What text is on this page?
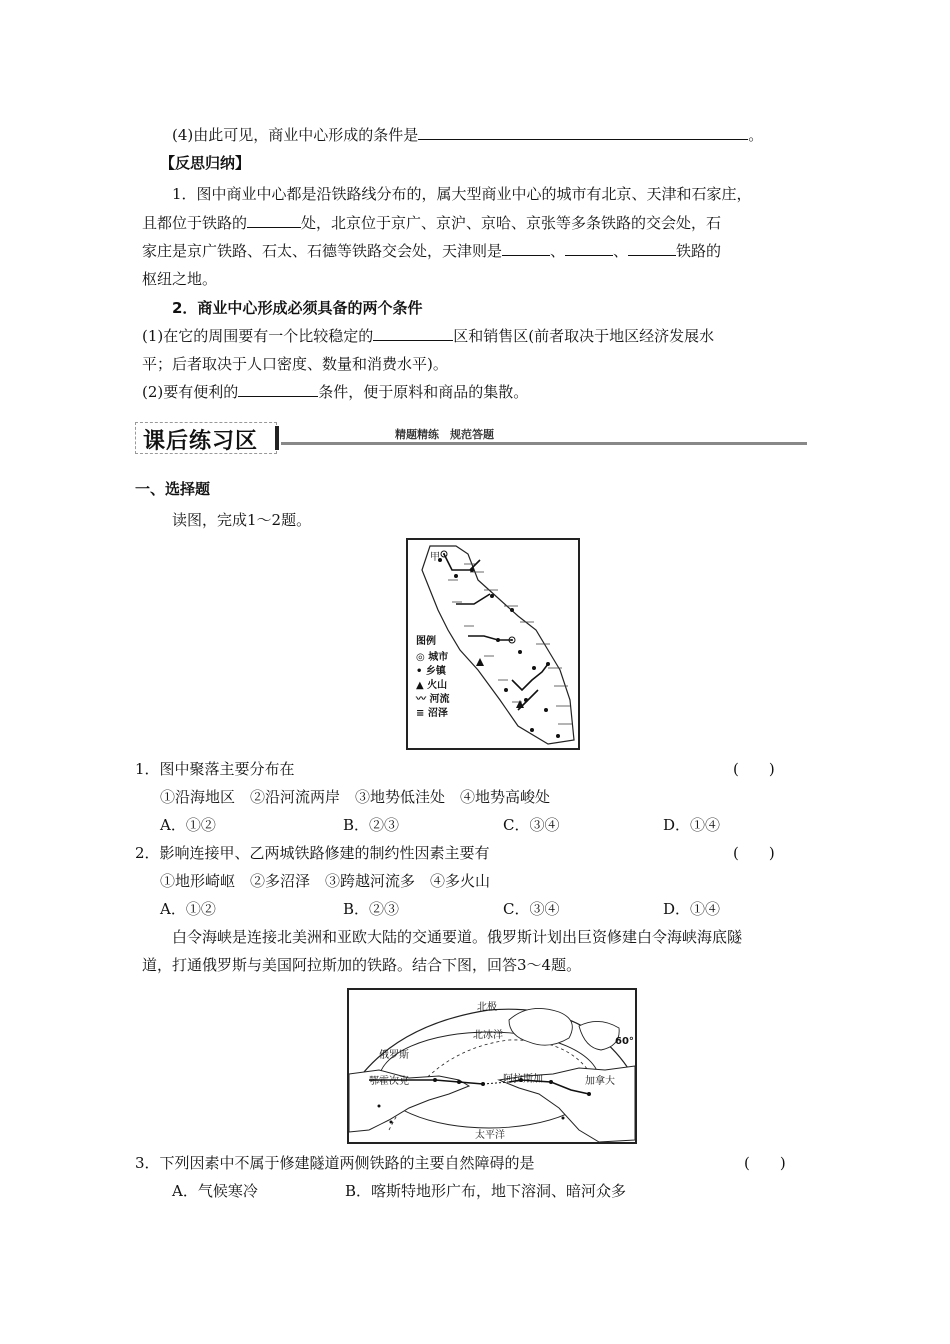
(4)由此可见，商业中心形成的条件是	。
【反思归纳】
1．图中商业中心都是沿铁路线分布的，属大型商业中心的城市有北京、天津和石家庄，
且都位于铁路的	处，北京位于京广、京沪、京哈、京张等多条铁路的交会处，石
家庄是京广铁路、石太、石德等铁路交会处，天津则是	、	、	铁路的
枢纽之地。
2．商业中心形成必须具备的两个条件
(1)在它的周围要有一个比较稳定的	区和销售区(前者取决于地区经济发展水
平；后者取决于人口密度、数量和消费水平)。
(2)要有便利的	条件，便于原料和商品的集散。
课后练习区	精题精练　规范答题
一、选择题
读图，完成1～2题。
甲
图例
◎ 城市
• 乡镇
▲ 火山
〰 河流
≡ 沼泽
1．图中聚落主要分布在	(　　)
①沿海地区　②沿河流两岸　③地势低洼处　④地势高峻处
A．①②	B．②③	C．③④	D．①④
2．影响连接甲、乙两城铁路修建的制约性因素主要有	(　　)
①地形崎岖　②多沼泽　③跨越河流多　④多火山
A．①②	B．②③	C．③④	D．①④
白令海峡是连接北美洲和亚欧大陆的交通要道。俄罗斯计划出巨资修建白令海峡海底隧
道，打通俄罗斯与美国阿拉斯加的铁路。结合下图，回答3～4题。
北极
北冰洋
俄罗斯
鄂霍次克	阿拉斯加	加拿大
太平洋
60°
3．下列因素中不属于修建隧道两侧铁路的主要自然障碍的是	(　　)
A．气候寒冷	B．喀斯特地形广布，地下溶洞、暗河众多
